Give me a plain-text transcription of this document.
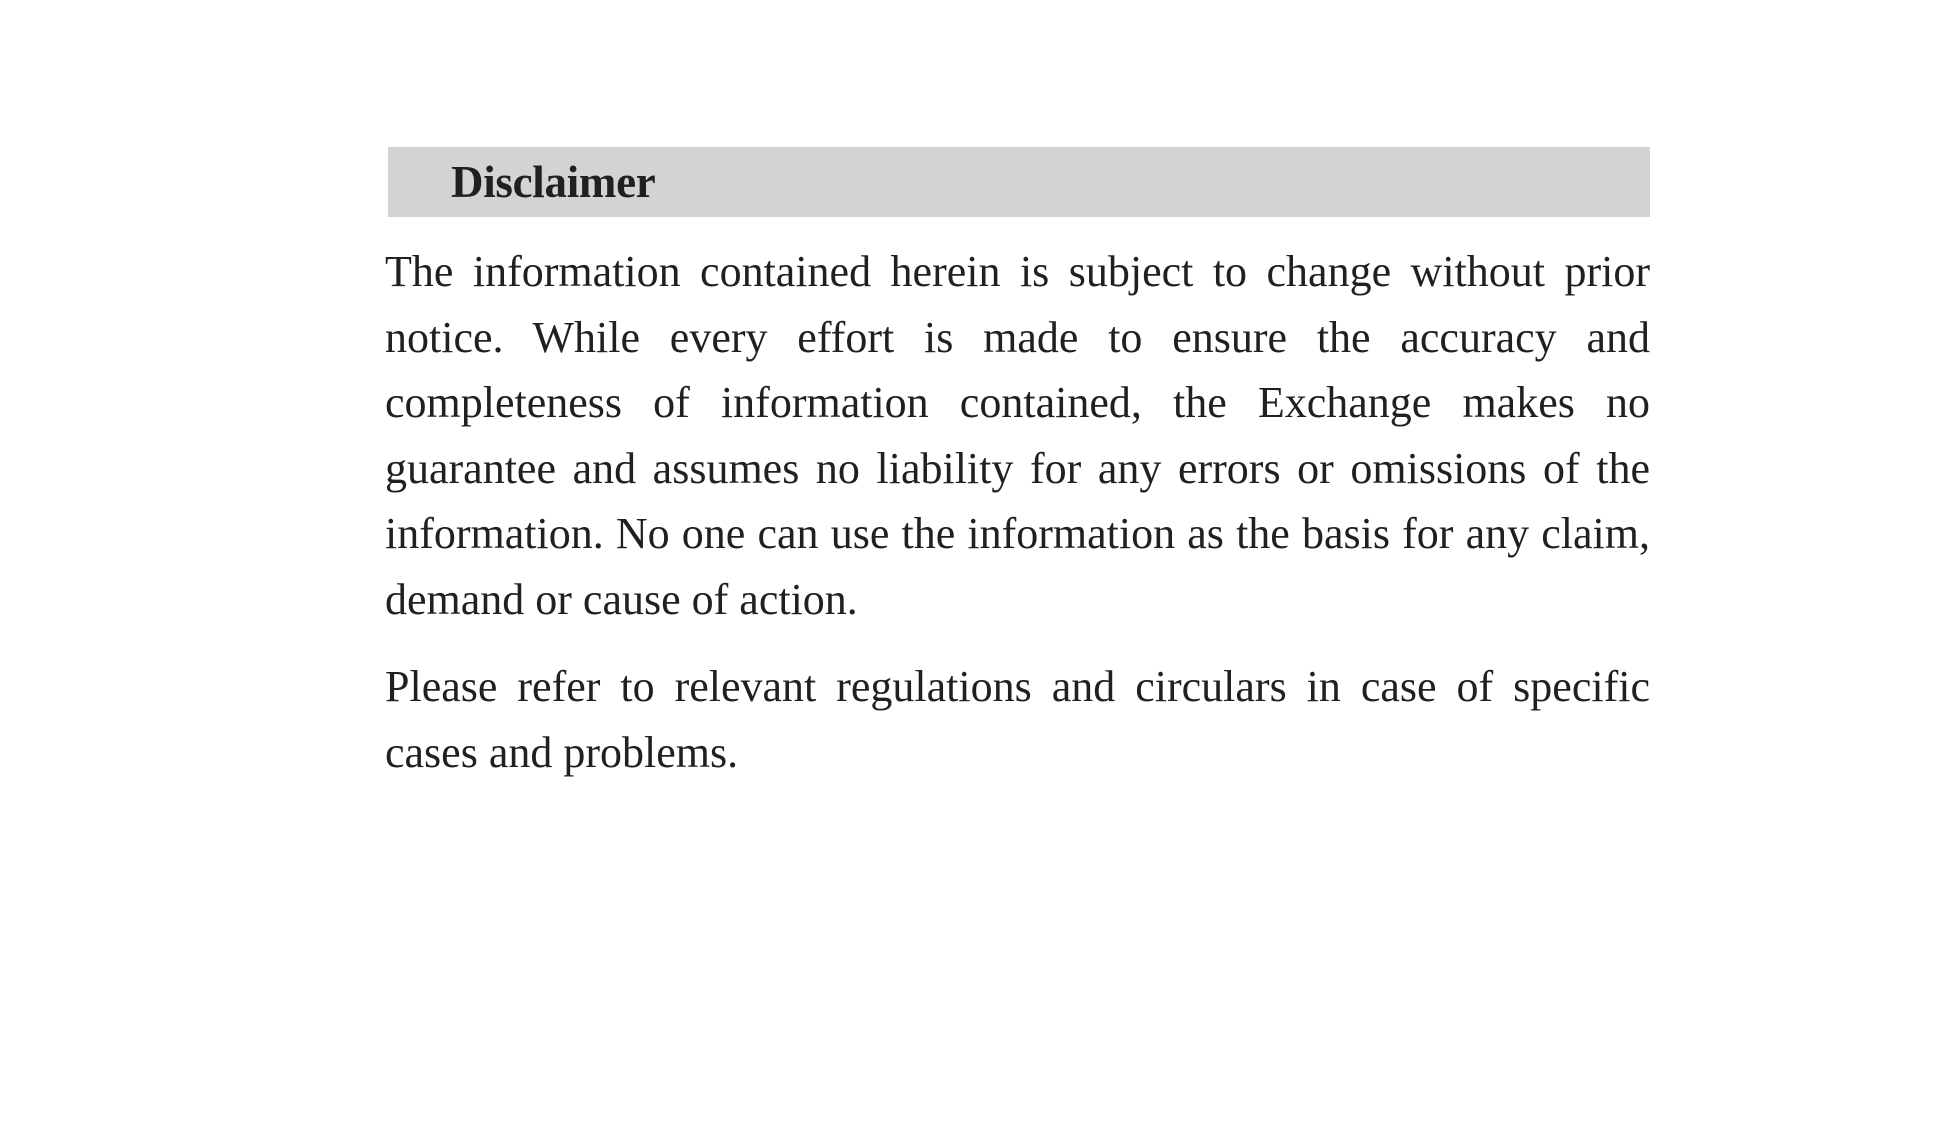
Disclaimer

The information contained herein is subject to change without prior notice. While every effort is made to ensure the accuracy and completeness of information contained, the Exchange makes no guarantee and assumes no liability for any errors or omissions of the information. No one can use the information as the basis for any claim, demand or cause of action.

Please refer to relevant regulations and circulars in case of specific cases and problems.
